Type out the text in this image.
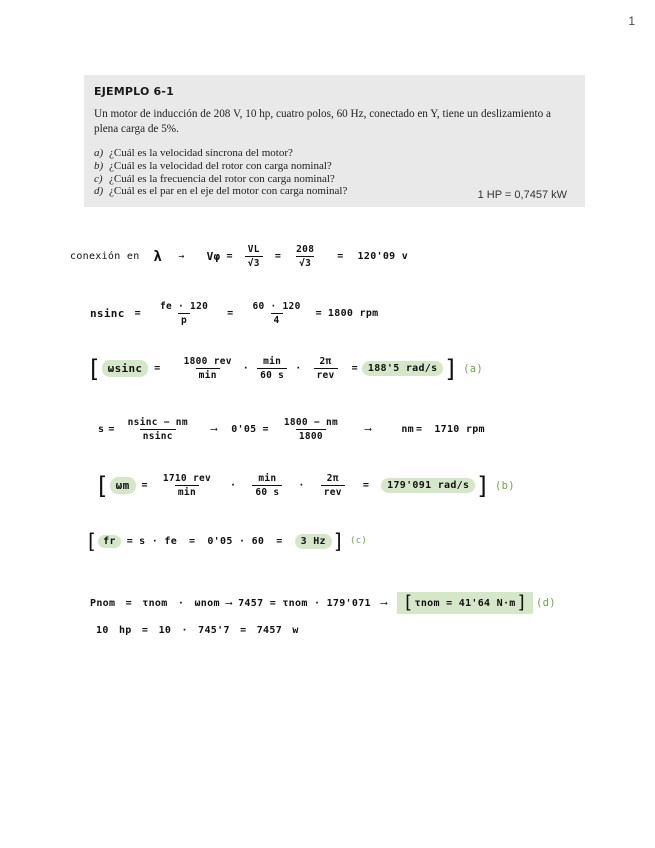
1
EJEMPLO 6-1
Un motor de inducción de 208 V, 10 hp, cuatro polos, 60 Hz, conectado en Y, tiene un deslizamiento a plena carga de 5%.
a) ¿Cuál es la velocidad síncrona del motor?
b) ¿Cuál es la velocidad del rotor con carga nominal?
c) ¿Cuál es la frecuencia del rotor con carga nominal?
d) ¿Cuál es el par en el eje del motor con carga nominal?	1 HP = 0,7457 kW
conexión en $\lambda \to V\varphi = \frac{VL}{√3} = \frac{208}{√3} = 120'09$ v
$nsinc = \frac{fe \cdot 120}{p} = \frac{60 \cdot 120}{4} = 1800$ rpm
[ ωsinc	= $\frac{\text{1800 rev}}{\min} \cdot \frac{\min}{60 s} \cdot \frac{2\pi}{\text{rev}}$ =	188'5 rad/s ] (a)
$s = \frac{nsinc - nm}{nsinc}$ ⟶ $0'05 = \frac{1800 - nm}{1800}$ ⟶	nm = 1710 rpm
[ ωm	= $\frac{\text{1710 rev}}{\min} \cdot \frac{\min}{60 s} \cdot \frac{2\pi}{\text{rev}}$ =	179'091 rad/s ] (b)
[ fr	= s · fe = 0'05 · 60 =	3 Hz ] (c)
Pnom = τnom · ωnom ⟶ 7457 = τnom · 179'071 ⟶ [ τnom = 41'64 N·m ] (d)
10 hp = 10 · 745'7 = 7457 w
